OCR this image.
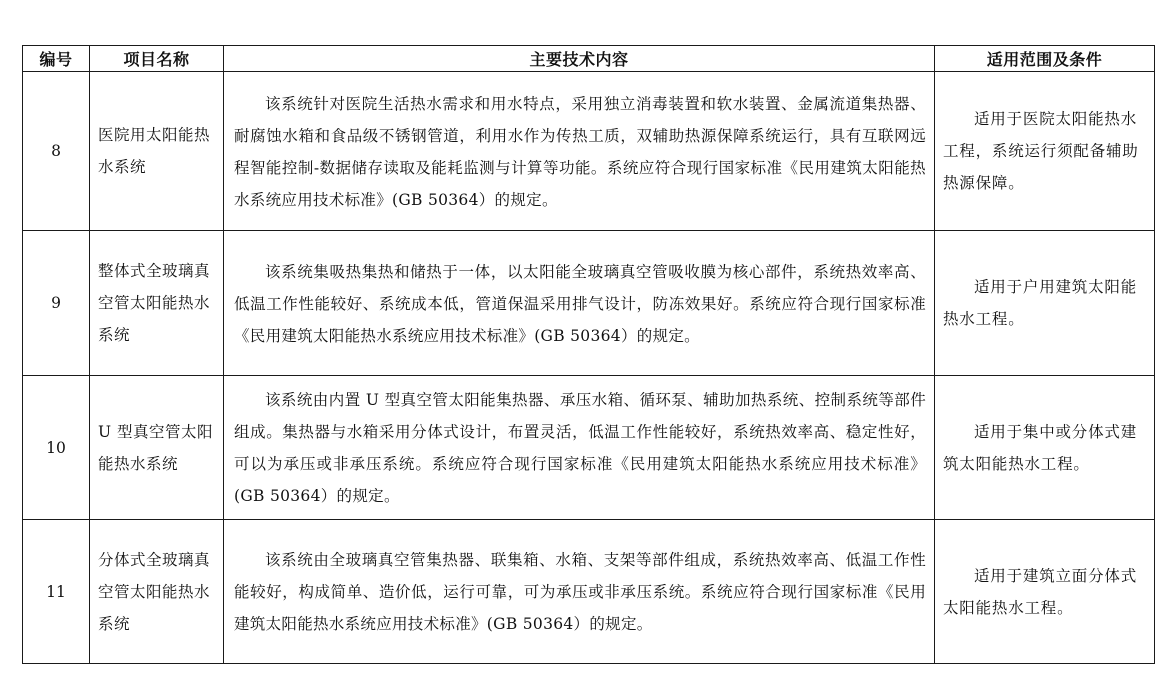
编号	项目名称	主要技术内容	适用范围及条件
8	医院用太阳能热水系统	该系统针对医院生活热水需求和用水特点，采用独立消毒装置和软水装置、金属流道集热器、耐腐蚀水箱和食品级不锈钢管道，利用水作为传热工质，双辅助热源保障系统运行，具有互联网远程智能控制-数据储存读取及能耗监测与计算等功能。系统应符合现行国家标准《民用建筑太阳能热水系统应用技术标准》(GB 50364）的规定。	适用于医院太阳能热水工程，系统运行须配备辅助热源保障。
9	整体式全玻璃真空管太阳能热水系统	该系统集吸热集热和储热于一体，以太阳能全玻璃真空管吸收膜为核心部件，系统热效率高、低温工作性能较好、系统成本低，管道保温采用排气设计，防冻效果好。系统应符合现行国家标准《民用建筑太阳能热水系统应用技术标准》(GB 50364）的规定。	适用于户用建筑太阳能热水工程。
10	U 型真空管太阳能热水系统	该系统由内置 U 型真空管太阳能集热器、承压水箱、循环泵、辅助加热系统、控制系统等部件组成。集热器与水箱采用分体式设计，布置灵活，低温工作性能较好，系统热效率高、稳定性好，可以为承压或非承压系统。系统应符合现行国家标准《民用建筑太阳能热水系统应用技术标准》(GB 50364）的规定。	适用于集中或分体式建筑太阳能热水工程。
11	分体式全玻璃真空管太阳能热水系统	该系统由全玻璃真空管集热器、联集箱、水箱、支架等部件组成，系统热效率高、低温工作性能较好，构成简单、造价低，运行可靠，可为承压或非承压系统。系统应符合现行国家标准《民用建筑太阳能热水系统应用技术标准》(GB 50364）的规定。	适用于建筑立面分体式太阳能热水工程。
